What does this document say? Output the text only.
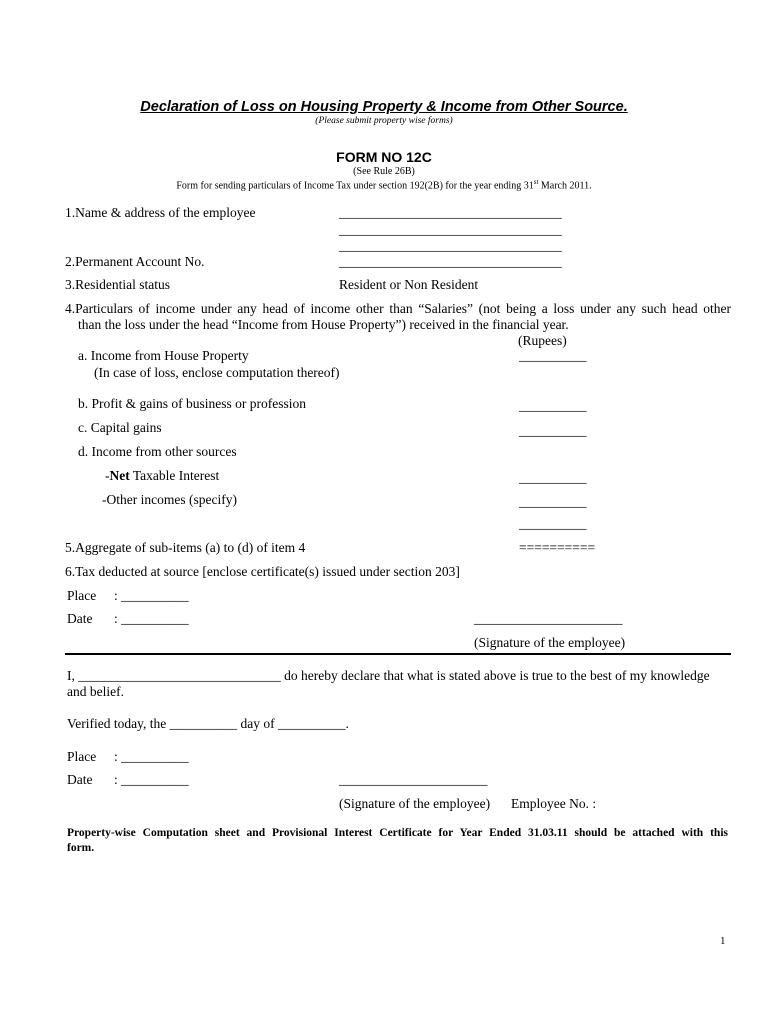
Declaration of Loss on Housing Property & Income from Other Source.
(Please submit property wise forms)
FORM NO 12C
(See Rule 26B)
Form for sending particulars of Income Tax under section 192(2B) for the year ending 31st March 2011.
1.Name & address of the employee	_________________________________
_________________________________
_________________________________
2.Permanent Account No.	_________________________________
3.Residential status	Resident or Non Resident
4.Particulars of income under any head of income other than “Salaries” (not being a loss under any such head other
than the loss under the head “Income from House Property”) received in the financial year.
(Rupees)
a. Income from House Property	__________
(In case of loss, enclose computation thereof)
b. Profit & gains of business or profession	__________
c. Capital gains	__________
d. Income from other sources
-Net Taxable Interest	__________
-Other incomes (specify)	__________
__________
5.Aggregate of sub-items (a) to (d) of item 4	==========
6.Tax deducted at source [enclose certificate(s) issued under section 203]
Place : __________
Date : __________	______________________
(Signature of the employee)
I, ______________________________ do hereby declare that what is stated above is true to the best of my knowledge
and belief.
Verified today, the __________ day of __________.
Place : __________
Date : __________	______________________
(Signature of the employee) Employee No. :
Property-wise Computation sheet and Provisional Interest Certificate for Year Ended 31.03.11 should be attached with this
form.
1
